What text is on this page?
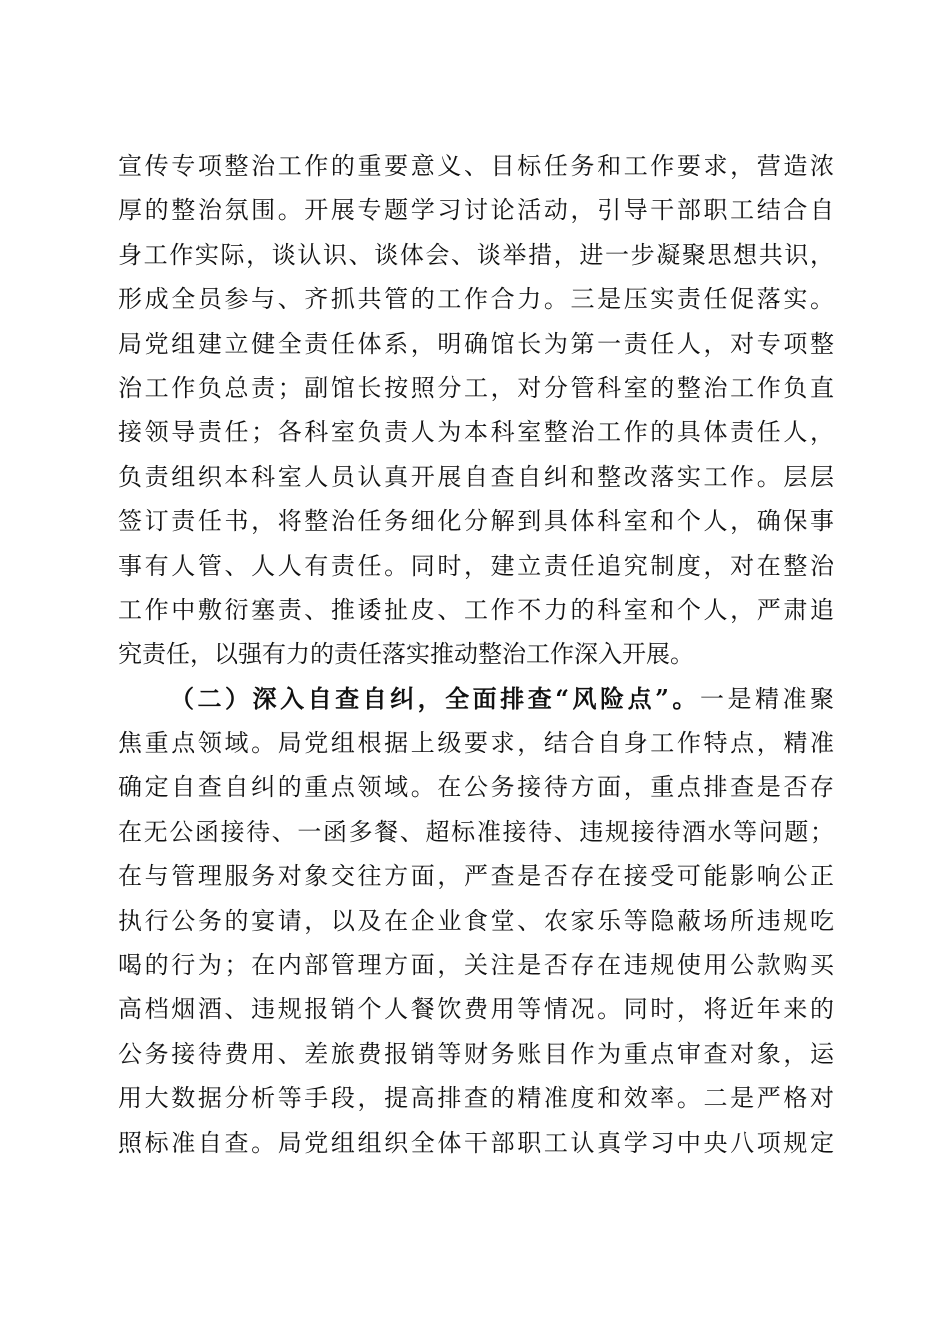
宣传专项整治工作的重要意义、目标任务和工作要求，营造浓
厚的整治氛围。开展专题学习讨论活动，引导干部职工结合自
身工作实际，谈认识、谈体会、谈举措，进一步凝聚思想共识，
形成全员参与、齐抓共管的工作合力。三是压实责任促落实。
局党组建立健全责任体系，明确馆长为第一责任人，对专项整
治工作负总责；副馆长按照分工，对分管科室的整治工作负直
接领导责任；各科室负责人为本科室整治工作的具体责任人，
负责组织本科室人员认真开展自查自纠和整改落实工作。层层
签订责任书，将整治任务细化分解到具体科室和个人，确保事
事有人管、人人有责任。同时，建立责任追究制度，对在整治
工作中敷衍塞责、推诿扯皮、工作不力的科室和个人，严肃追
究责任，以强有力的责任落实推动整治工作深入开展。
（二）深入自查自纠，全面排查“风险点”。一是精准聚
焦重点领域。局党组根据上级要求，结合自身工作特点，精准
确定自查自纠的重点领域。在公务接待方面，重点排查是否存
在无公函接待、一函多餐、超标准接待、违规接待酒水等问题；
在与管理服务对象交往方面，严查是否存在接受可能影响公正
执行公务的宴请，以及在企业食堂、农家乐等隐蔽场所违规吃
喝的行为；在内部管理方面，关注是否存在违规使用公款购买
高档烟酒、违规报销个人餐饮费用等情况。同时，将近年来的
公务接待费用、差旅费报销等财务账目作为重点审查对象，运
用大数据分析等手段，提高排查的精准度和效率。二是严格对
照标准自查。局党组组织全体干部职工认真学习中央八项规定
